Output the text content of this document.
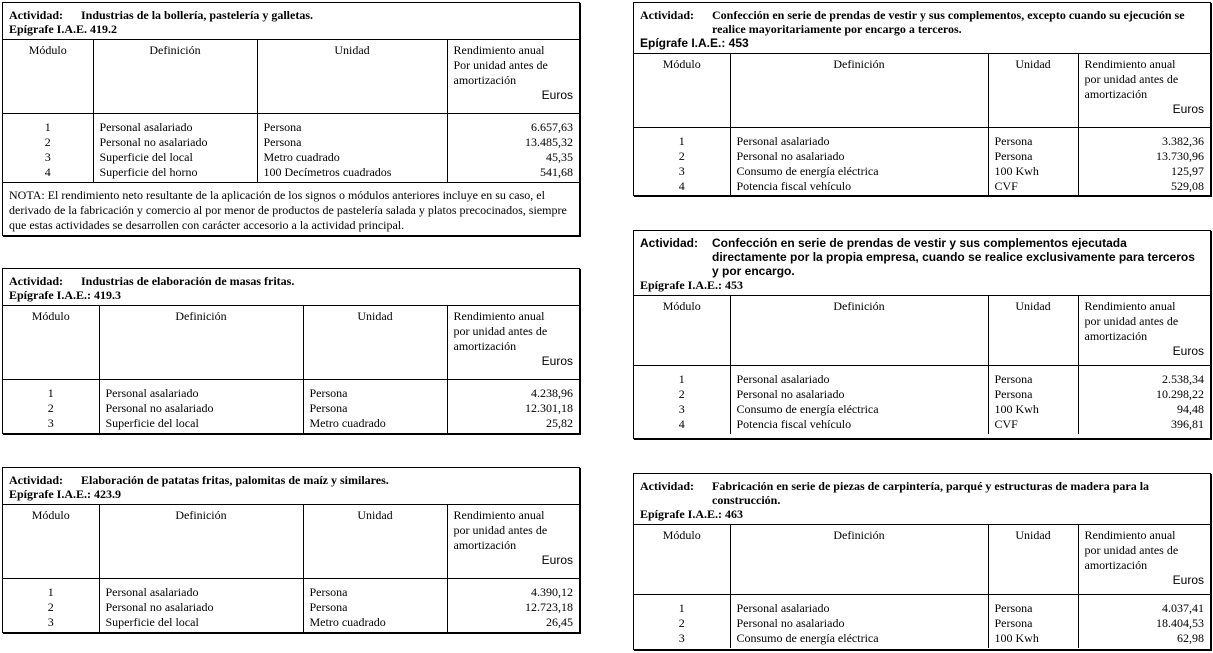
Actividad:	Industrias de la bollería, pastelería y galletas.
Epígrafe I.A.E. 419.2
Módulo	Definición	Unidad	Rendimiento anual
Por unidad antes de
amortización
Euros

1	Personal asalariado	Persona	6.657,63
2	Personal no asalariado	Persona	13.485,32
3	Superficie del local	Metro cuadrado	45,35
4	Superficie del horno	100 Decímetros cuadrados	541,68
NOTA: El rendimiento neto resultante de la aplicación de los signos o módulos anteriores incluye en su caso, el derivado de la fabricación y comercio al por menor de productos de pastelería salada y platos precocinados, siempre que estas actividades se desarrollen con carácter accesorio a la actividad principal.
Actividad:	Industrias de elaboración de masas fritas.
Epígrafe I.A.E.: 419.3
Módulo	Definición	Unidad	Rendimiento anual
por unidad antes de
amortización
Euros

1	Personal asalariado	Persona	4.238,96
2	Personal no asalariado	Persona	12.301,18
3	Superficie del local	Metro cuadrado	25,82
Actividad:	Elaboración de patatas fritas, palomitas de maíz y similares.
Epígrafe I.A.E.: 423.9
Módulo	Definición	Unidad	Rendimiento anual
por unidad antes de
amortización
Euros

1	Personal asalariado	Persona	4.390,12
2	Personal no asalariado	Persona	12.723,18
3	Superficie del local	Metro cuadrado	26,45
Actividad:	Confección en serie de prendas de vestir y sus complementos, excepto cuando su ejecución se realice mayoritariamente por encargo a terceros.
Epígrafe I.A.E.: 453
Módulo	Definición	Unidad	Rendimiento anual
por unidad antes de
amortización
Euros

1	Personal asalariado	Persona	3.382,36
2	Personal no asalariado	Persona	13.730,96
3	Consumo de energía eléctrica	100 Kwh	125,97
4	Potencia fiscal vehículo	CVF	529,08
Actividad:	Confección en serie de prendas de vestir y sus complementos ejecutada directamente por la propia empresa, cuando se realice exclusivamente para terceros y por encargo.
Epígrafe I.A.E.: 453
Módulo	Definición	Unidad	Rendimiento anual
por unidad antes de
amortización
Euros

1	Personal asalariado	Persona	2.538,34
2	Personal no asalariado	Persona	10.298,22
3	Consumo de energía eléctrica	100 Kwh	94,48
4	Potencia fiscal vehículo	CVF	396,81
Actividad:	Fabricación en serie de piezas de carpintería, parqué y estructuras de madera para la construcción.
Epígrafe I.A.E.: 463
Módulo	Definición	Unidad	Rendimiento anual
por unidad antes de
amortización
Euros

1	Personal asalariado	Persona	4.037,41
2	Personal no asalariado	Persona	18.404,53
3	Consumo de energía eléctrica	100 Kwh	62,98
